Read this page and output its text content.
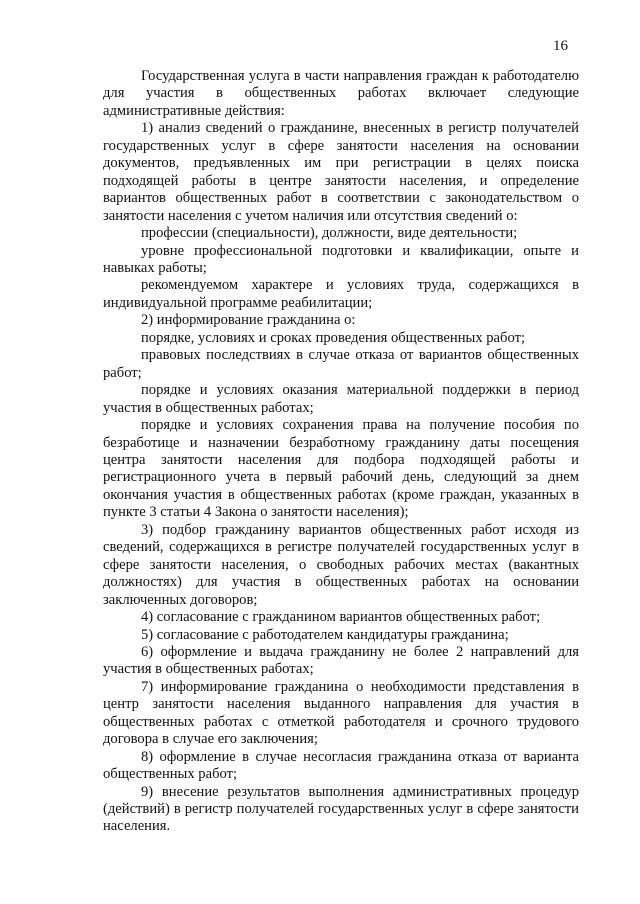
16

Государственная услуга в части направления граждан к работодателю для участия в общественных работах включает следующие административные действия:

1) анализ сведений о гражданине, внесенных в регистр получателей государственных услуг в сфере занятости населения на основании документов, предъявленных им при регистрации в целях поиска подходящей работы в центре занятости населения, и определение вариантов общественных работ в соответствии с законодательством о занятости населения с учетом наличия или отсутствия сведений о:

профессии (специальности), должности, виде деятельности;

уровне профессиональной подготовки и квалификации, опыте и навыках работы;

рекомендуемом характере и условиях труда, содержащихся в индивидуальной программе реабилитации;

2) информирование гражданина о:

порядке, условиях и сроках проведения общественных работ;

правовых последствиях в случае отказа от вариантов общественных работ;

порядке и условиях оказания материальной поддержки в период участия в общественных работах;

порядке и условиях сохранения права на получение пособия по безработице и назначении безработному гражданину даты посещения центра занятости населения для подбора подходящей работы и регистрационного учета в первый рабочий день, следующий за днем окончания участия в общественных работах (кроме граждан, указанных в пункте 3 статьи 4 Закона о занятости населения);

3) подбор гражданину вариантов общественных работ исходя из сведений, содержащихся в регистре получателей государственных услуг в сфере занятости населения, о свободных рабочих местах (вакантных должностях) для участия в общественных работах на основании заключенных договоров;

4) согласование с гражданином вариантов общественных работ;

5) согласование с работодателем кандидатуры гражданина;

6) оформление и выдача гражданину не более 2 направлений для участия в общественных работах;

7) информирование гражданина о необходимости представления в центр занятости населения выданного направления для участия в общественных работах с отметкой работодателя и срочного трудового договора в случае его заключения;

8) оформление в случае несогласия гражданина отказа от варианта общественных работ;

9) внесение результатов выполнения административных процедур (действий) в регистр получателей государственных услуг в сфере занятости населения.
